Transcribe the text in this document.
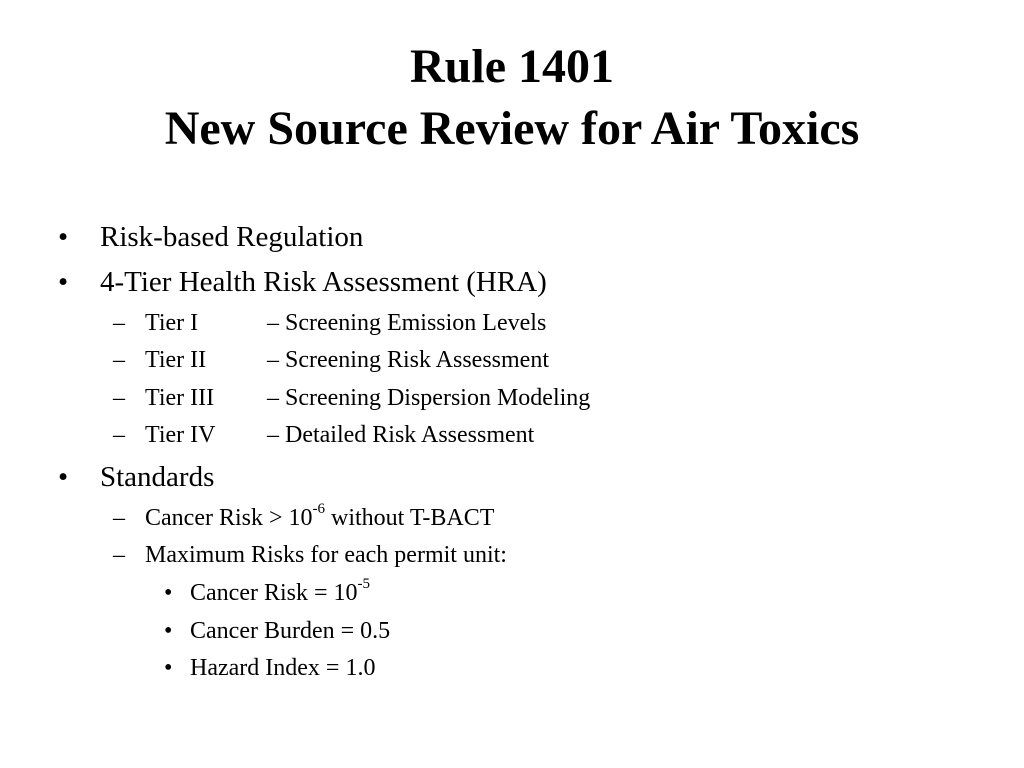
Rule 1401
New Source Review for Air Toxics
•	Risk-based Regulation
•	4-Tier Health Risk Assessment (HRA)
– Tier I	– Screening Emission Levels
– Tier II	– Screening Risk Assessment
– Tier III – Screening Dispersion Modeling
– Tier IV – Detailed Risk Assessment
•	Standards
– Cancer Risk > $10^{-6}$ without T-BACT
– Maximum Risks for each permit unit:
• Cancer Risk = $10^{-5}$
• Cancer Burden = 0.5
• Hazard Index = 1.0
